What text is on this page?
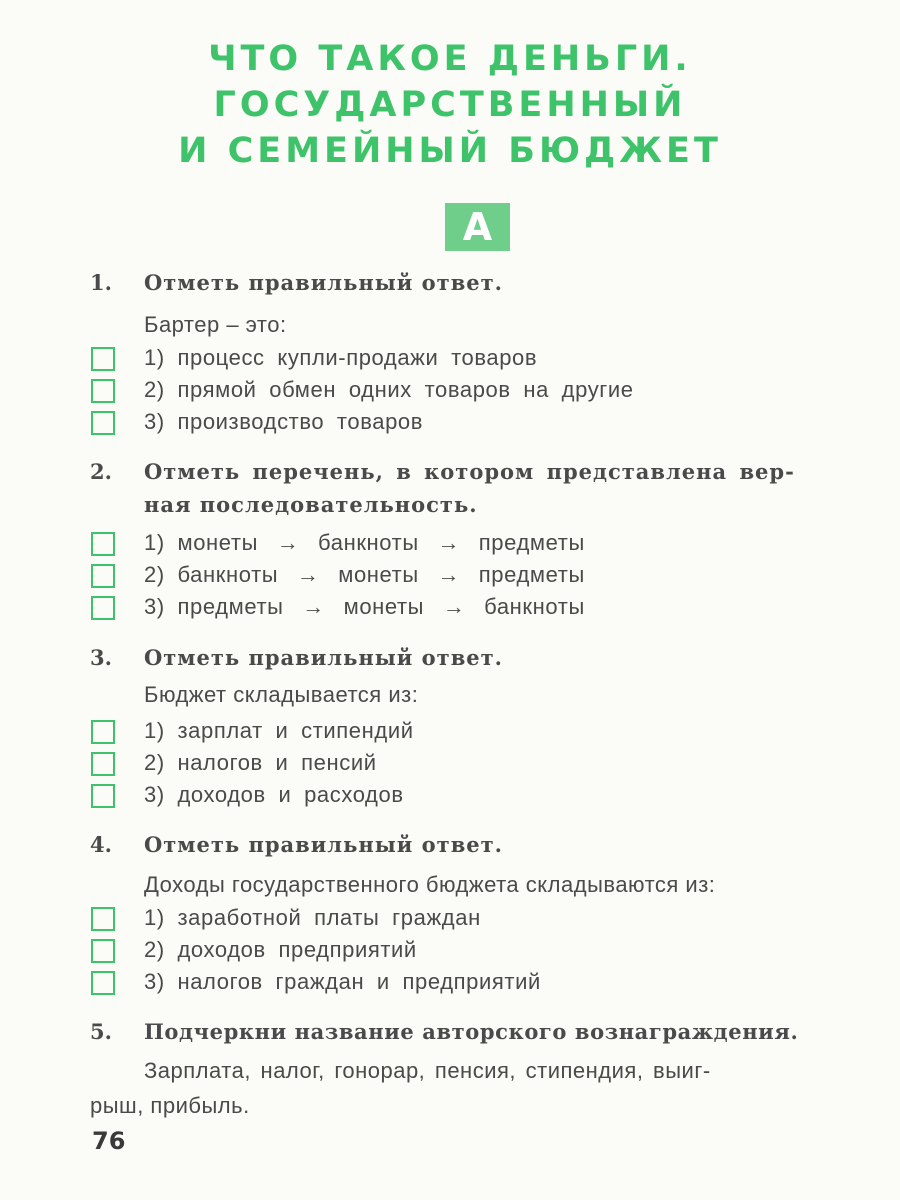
ЧТО ТАКОЕ ДЕНЬГИ.
ГОСУДАРСТВЕННЫЙ
И СЕМЕЙНЫЙ БЮДЖЕТ
А
1. Отметь правильный ответ.
Бартер – это:
1) процесс купли-продажи товаров
2) прямой обмен одних товаров на другие
3) производство товаров
2. Отметь перечень, в котором представлена вер-
ная последовательность.
1) монеты → банкноты → предметы
2) банкноты → монеты → предметы
3) предметы → монеты → банкноты
3. Отметь правильный ответ.
Бюджет складывается из:
1) зарплат и стипендий
2) налогов и пенсий
3) доходов и расходов
4. Отметь правильный ответ.
Доходы государственного бюджета складываются из:
1) заработной платы граждан
2) доходов предприятий
3) налогов граждан и предприятий
5. Подчеркни название авторского вознаграждения.
Зарплата, налог, гонорар, пенсия, стипендия, выиг-
рыш, прибыль.
76
